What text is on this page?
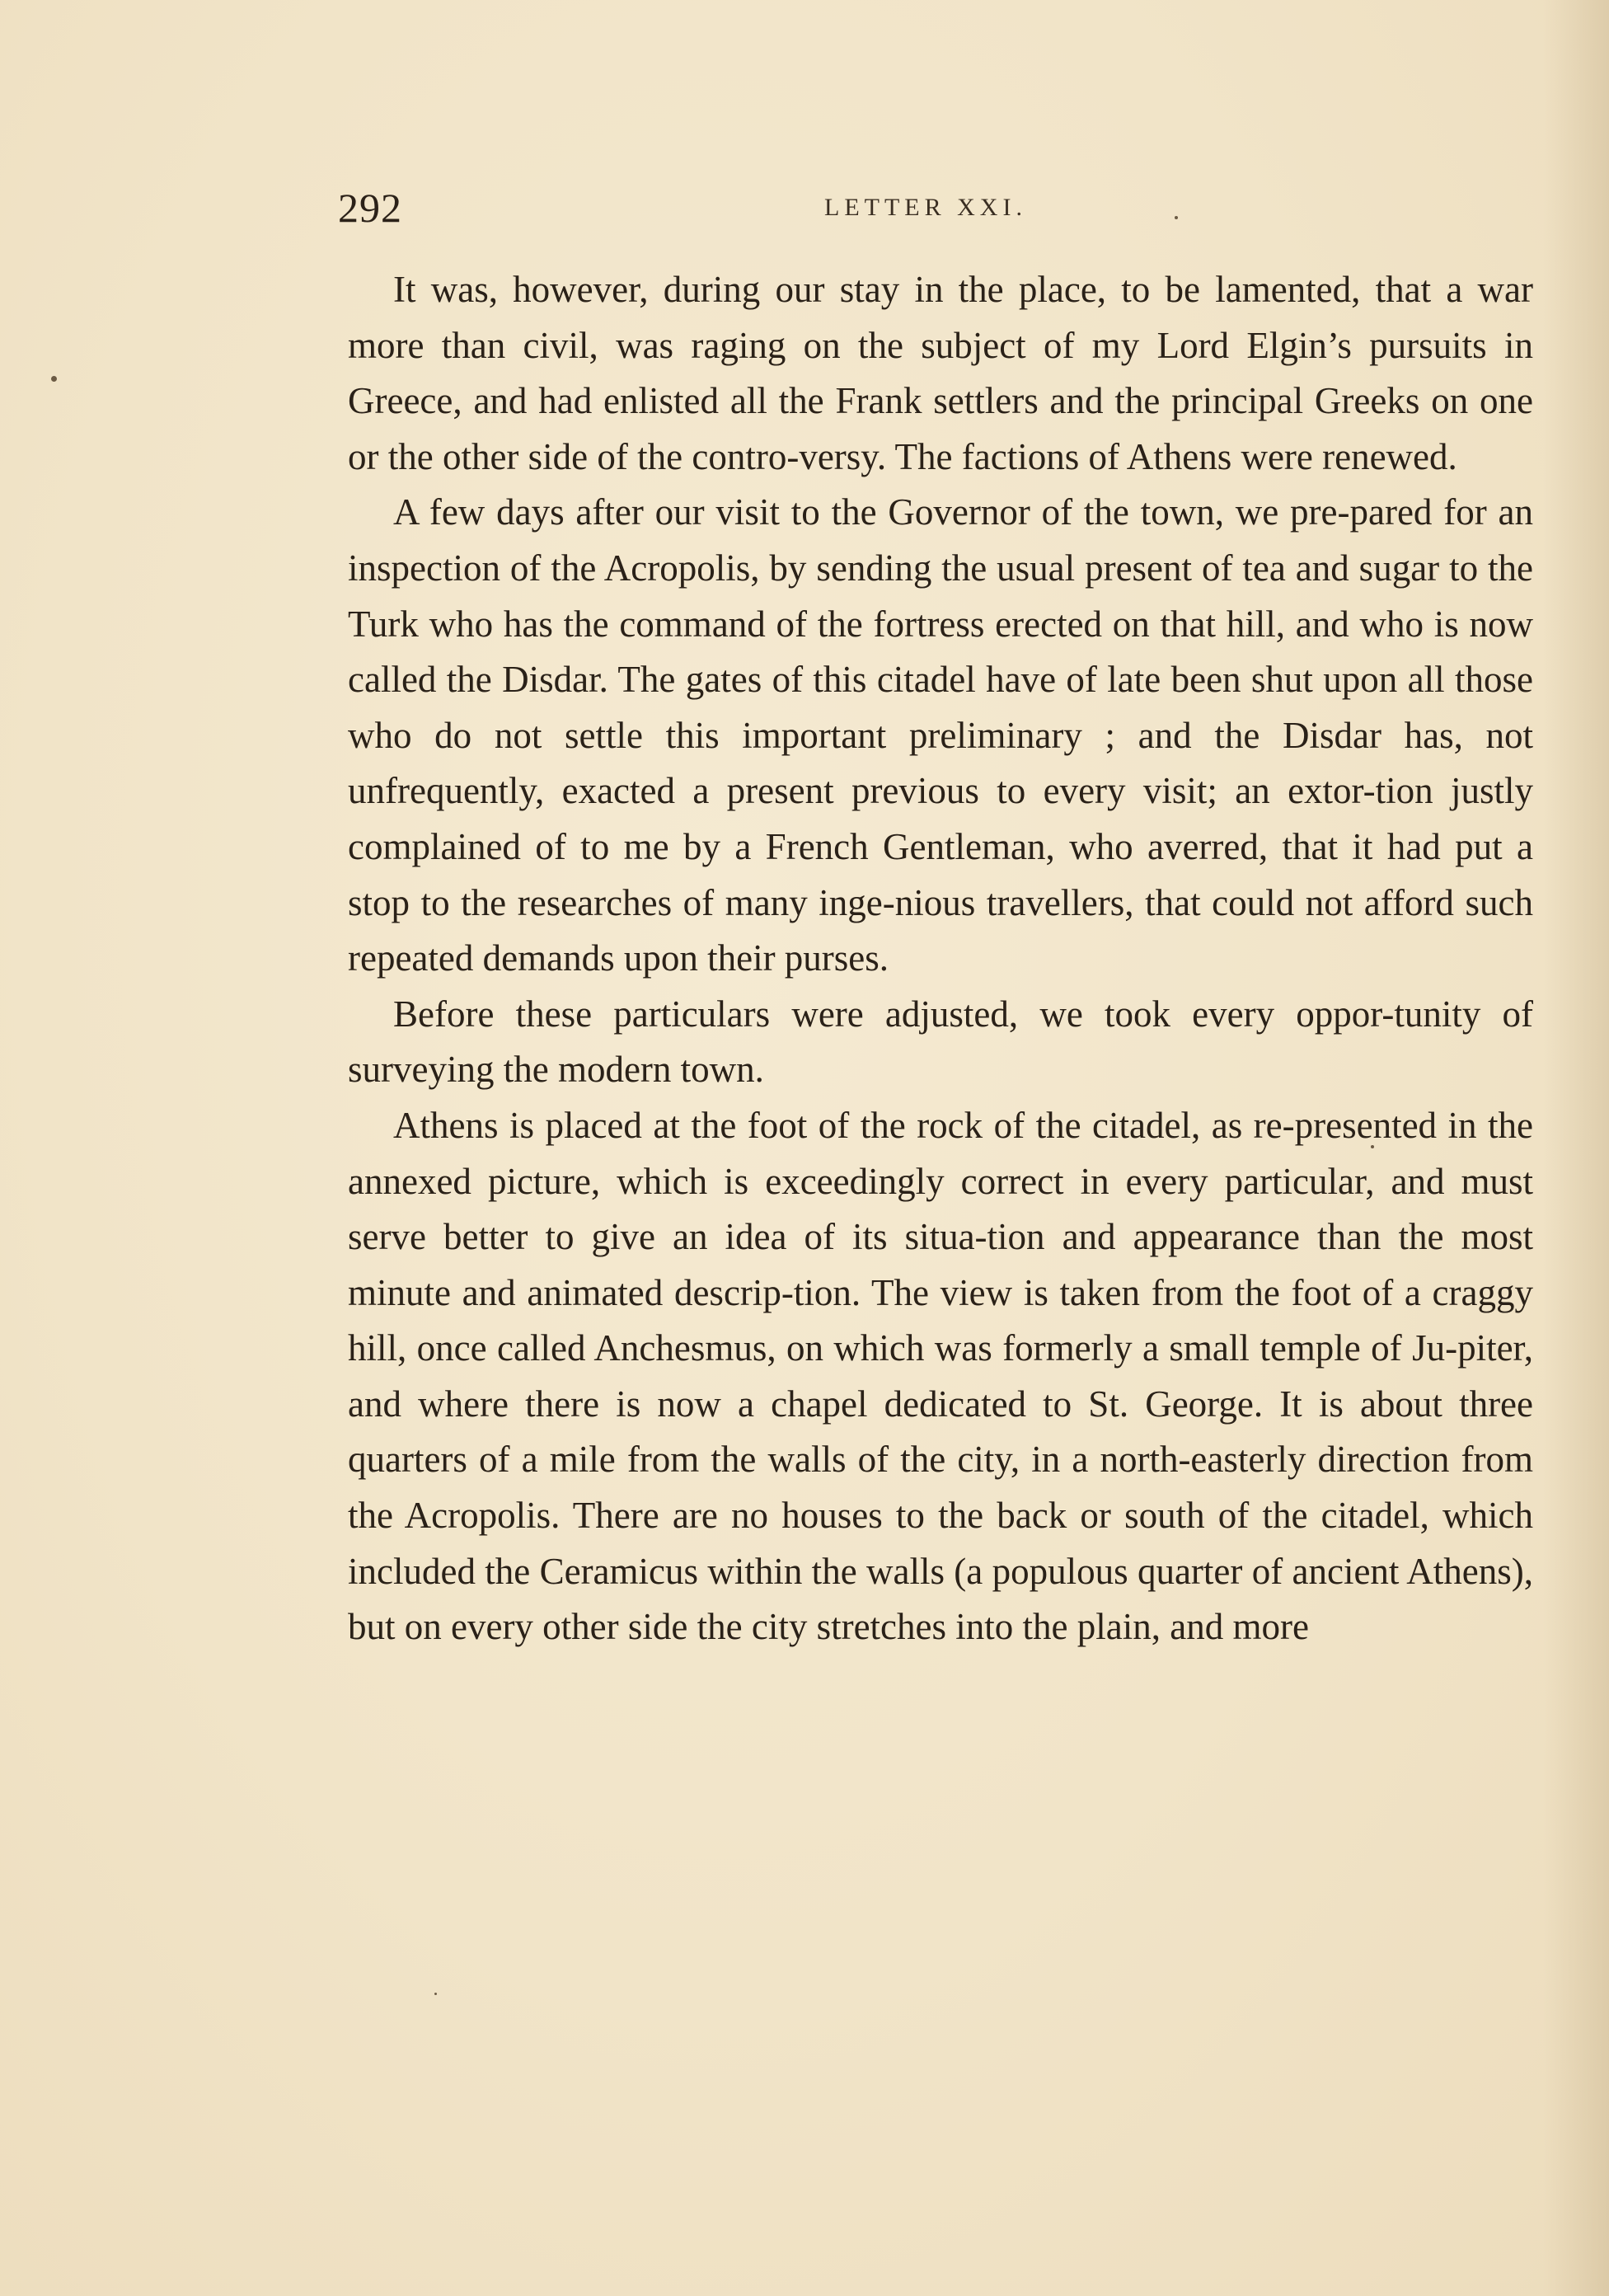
292	LETTER XXI.

It was, however, during our stay in the place, to be lamented, that a war more than civil, was raging on the subject of my Lord Elgin’s pursuits in Greece, and had enlisted all the Frank settlers and the principal Greeks on one or the other side of the contro-versy. The factions of Athens were renewed.

A few days after our visit to the Governor of the town, we pre-pared for an inspection of the Acropolis, by sending the usual present of tea and sugar to the Turk who has the command of the fortress erected on that hill, and who is now called the Disdar. The gates of this citadel have of late been shut upon all those who do not settle this important preliminary ; and the Disdar has, not unfrequently, exacted a present previous to every visit; an extor-tion justly complained of to me by a French Gentleman, who averred, that it had put a stop to the researches of many inge-nious travellers, that could not afford such repeated demands upon their purses.

Before these particulars were adjusted, we took every oppor-tunity of surveying the modern town.

Athens is placed at the foot of the rock of the citadel, as re-presented in the annexed picture, which is exceedingly correct in every particular, and must serve better to give an idea of its situa-tion and appearance than the most minute and animated descrip-tion. The view is taken from the foot of a craggy hill, once called Anchesmus, on which was formerly a small temple of Ju-piter, and where there is now a chapel dedicated to St. George. It is about three quarters of a mile from the walls of the city, in a north-easterly direction from the Acropolis. There are no houses to the back or south of the citadel, which included the Ceramicus within the walls (a populous quarter of ancient Athens), but on every other side the city stretches into the plain, and more
